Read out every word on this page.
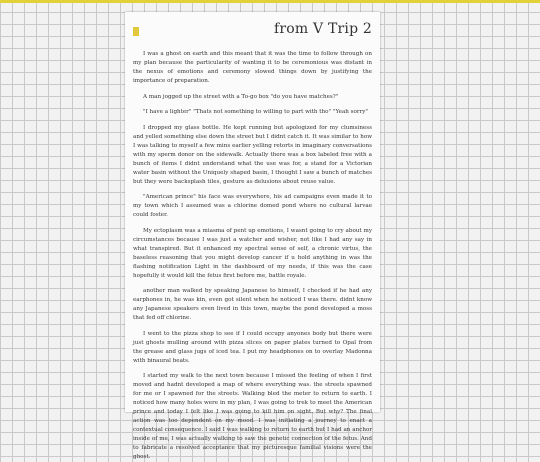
from V Trip 2

I was a ghost on earth and this meant that it was the time to follow through on my plan because the particularity of wanting it to be ceremonious was distant in the nexus of emotions and ceremony slowed things down by justifying the importance of preparation.

A man jogged up the street with a To-go box "do you have matches?"

"I have a lighter" "Thats not something to willing to part with tho" "Yeah sorry"

I dropped my glass bottle. He kept running but apologized for my clumsiness and yelled something else down the street but I didnt catch it. It was similar to how I was talking to myself a few mins earlier yelling retorts in imaginary conversations with my sperm donor on the sidewalk. Actually there was a box labeled free with a bunch of items I didnt understand what the use was for, a stand for a Victorian water basin without the Uniquely shaped basin, I thought I saw a bunch of matches but they were backsplash tiles, gesture as delusions about reuse value.

"American prince" his face was everywhere, his ad campaigns even made it to my town which I assumed was a chlorine domed pond where no cultural larvae could foster.

My ectoplasm was a miasma of pent up emotions, I wasnt going to cry about my circumstances because I was just a watcher and wisher, not like I had any say in what transpired. But it enhanced my spectral sense of self, a chronic virtus, the baseless reasoning that you might develop cancer if u hold anything in was the flashing notification Light in the dashboard of my needs, if this was the case hopefully it would kill the fetus first before me, battle royale.

another man walked by speaking Japanese to himself, I checked if he had any earphones in, he was kin, even got silent when he noticed I was there. didnt know any Japanese speakers even lived in this town, maybe the pond developed a moss that fed off chlorine.

I went to the pizza shop to see if I could occupy anyones body but there were just ghosts mulling around with pizza slices on paper plates turned to Opal from the grease and glass jugs of iced tea. I put my headphones on to overlay Madonna with binaural beats.

I started my walk to the next town because I missed the feeling of when I first moved and hadnt developed a map of where everything was. the streets spawned for me or I spawned for the streets. Walking bled the meter to return to earth. I noticed how many holes were in my plan, I was going to trek to meet the American prince and today I felt like I was going to kill him on sight. But why? The final action was too dependent on my mood. I was initiating a journey to enact a contextual consequence. I said I was walking to return to earth but I had an anchor inside of me, I was actually walking to saw the genetic connection of the fetus. And to fabricate a resolved acceptance that my picturesque familial visions were the ghost.
